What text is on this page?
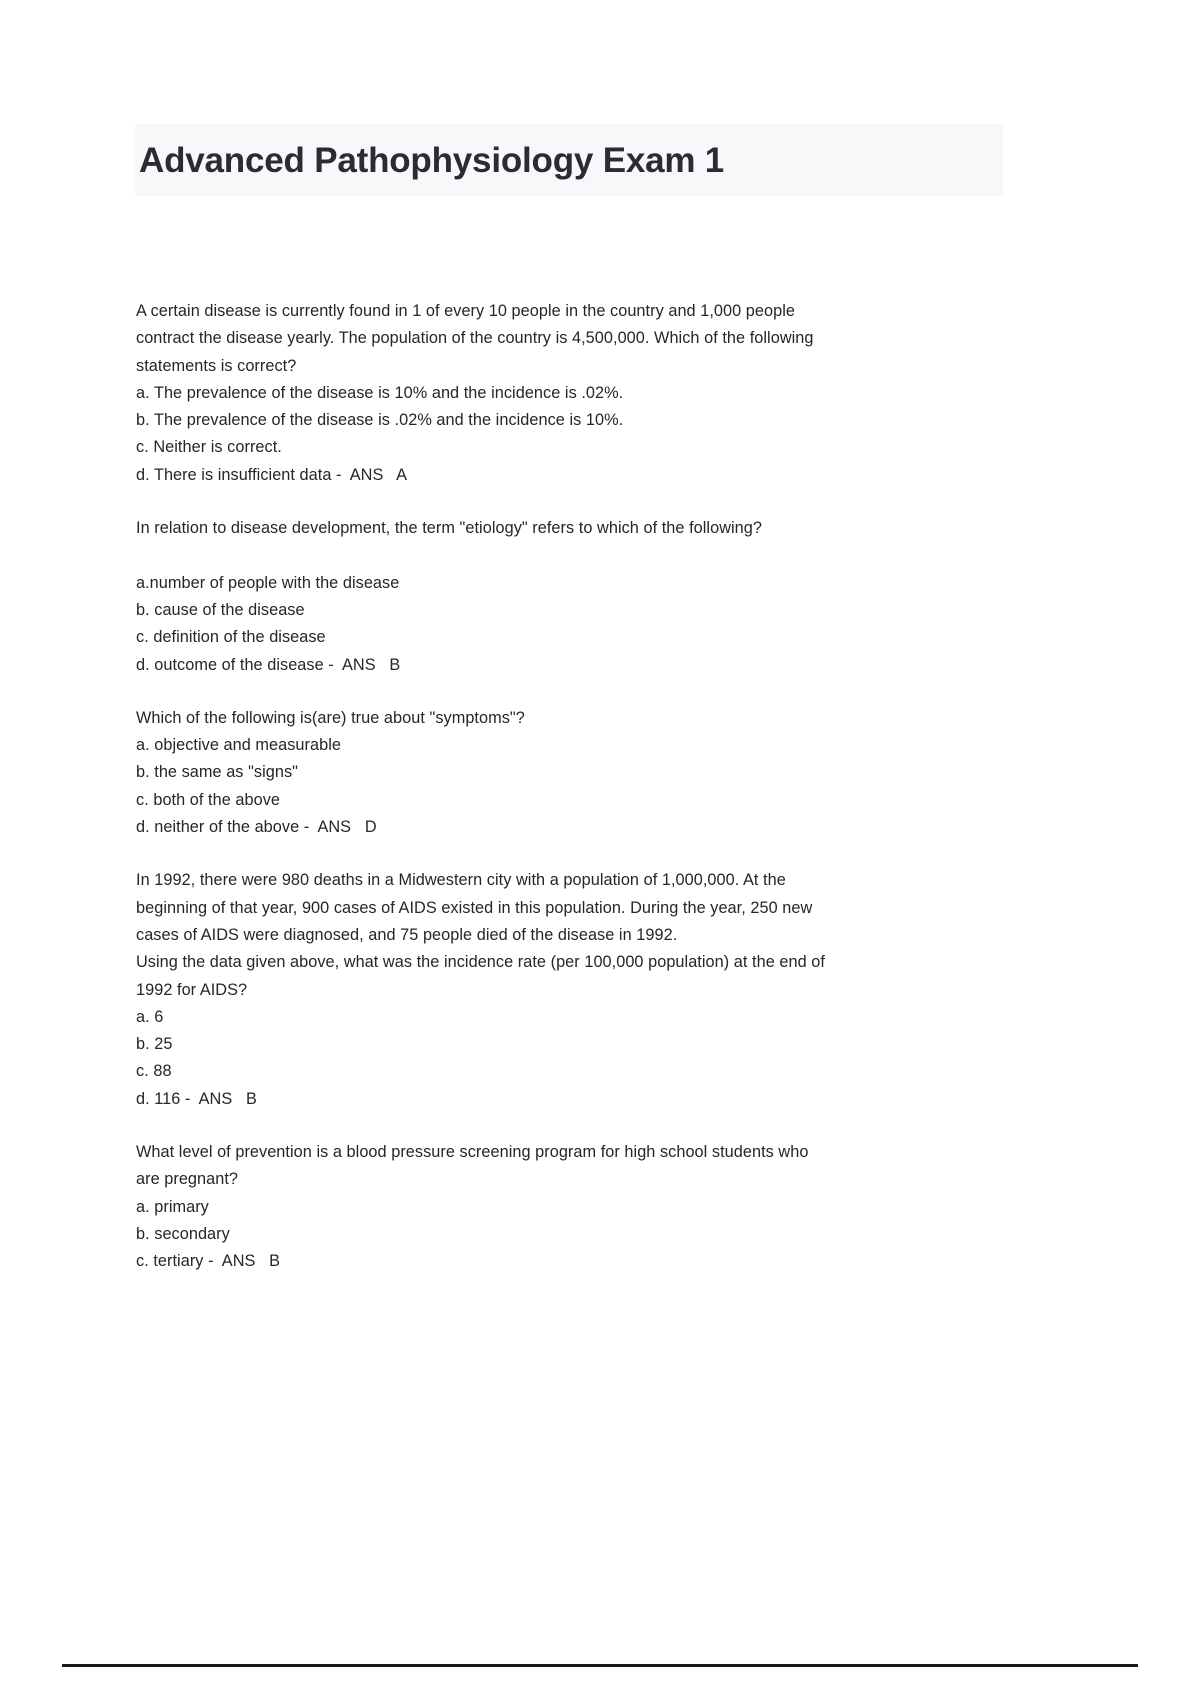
Advanced Pathophysiology Exam 1
A certain disease is currently found in 1 of every 10 people in the country and 1,000 people
contract the disease yearly. The population of the country is 4,500,000. Which of the following
statements is correct?
a. The prevalence of the disease is 10% and the incidence is .02%.
b. The prevalence of the disease is .02% and the incidence is 10%.
c. Neither is correct.
d. There is insufficient data -  ANS   A
In relation to disease development, the term "etiology" refers to which of the following?
a.number of people with the disease
b. cause of the disease
c. definition of the disease
d. outcome of the disease -  ANS   B
Which of the following is(are) true about "symptoms"?
a. objective and measurable
b. the same as "signs"
c. both of the above
d. neither of the above -  ANS   D
In 1992, there were 980 deaths in a Midwestern city with a population of 1,000,000. At the
beginning of that year, 900 cases of AIDS existed in this population. During the year, 250 new
cases of AIDS were diagnosed, and 75 people died of the disease in 1992.
Using the data given above, what was the incidence rate (per 100,000 population) at the end of
1992 for AIDS?
a. 6
b. 25
c. 88
d. 116 -  ANS   B
What level of prevention is a blood pressure screening program for high school students who
are pregnant?
a. primary
b. secondary
c. tertiary -  ANS   B
